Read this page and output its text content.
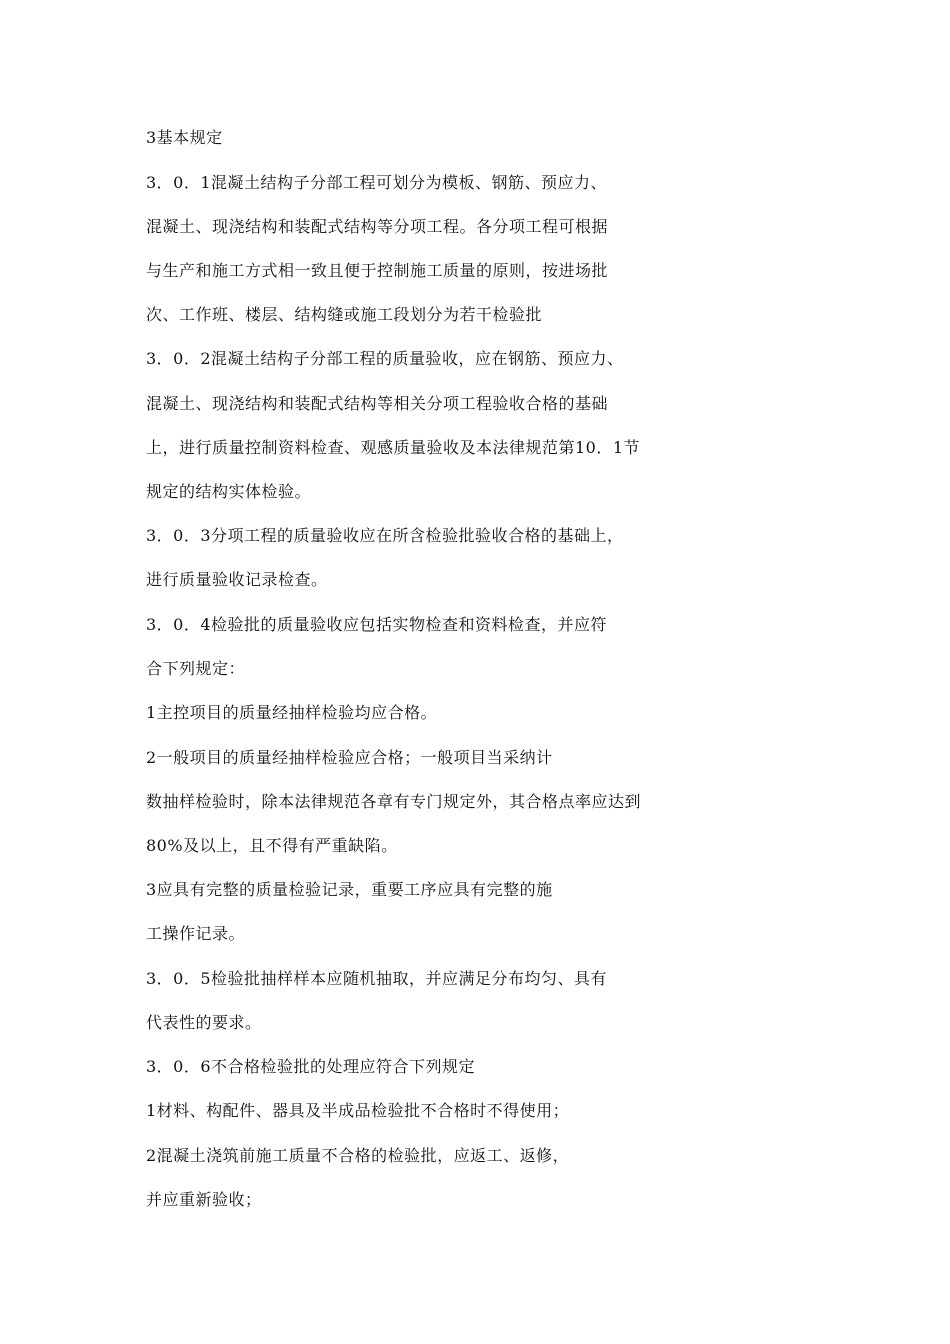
3基本规定
3．0．1混凝土结构子分部工程可划分为模板、钢筋、预应力、
混凝土、现浇结构和装配式结构等分项工程。各分项工程可根据
与生产和施工方式相一致且便于控制施工质量的原则，按进场批
次、工作班、楼层、结构缝或施工段划分为若干检验批
3．0．2混凝土结构子分部工程的质量验收，应在钢筋、预应力、
混凝土、现浇结构和装配式结构等相关分项工程验收合格的基础
上，进行质量控制资料检查、观感质量验收及本法律规范第10．1节
规定的结构实体检验。
3．0．3分项工程的质量验收应在所含检验批验收合格的基础上，
进行质量验收记录检查。
3．0．4检验批的质量验收应包括实物检查和资料检查，并应符
合下列规定：
1主控项目的质量经抽样检验均应合格。
2一般项目的质量经抽样检验应合格；一般项目当采纳计
数抽样检验时，除本法律规范各章有专门规定外，其合格点率应达到
80%及以上，且不得有严重缺陷。
3应具有完整的质量检验记录，重要工序应具有完整的施
工操作记录。
3．0．5检验批抽样样本应随机抽取，并应满足分布均匀、具有
代表性的要求。
3．0．6不合格检验批的处理应符合下列规定
1材料、构配件、器具及半成品检验批不合格时不得使用；
2混凝土浇筑前施工质量不合格的检验批，应返工、返修，
并应重新验收；
